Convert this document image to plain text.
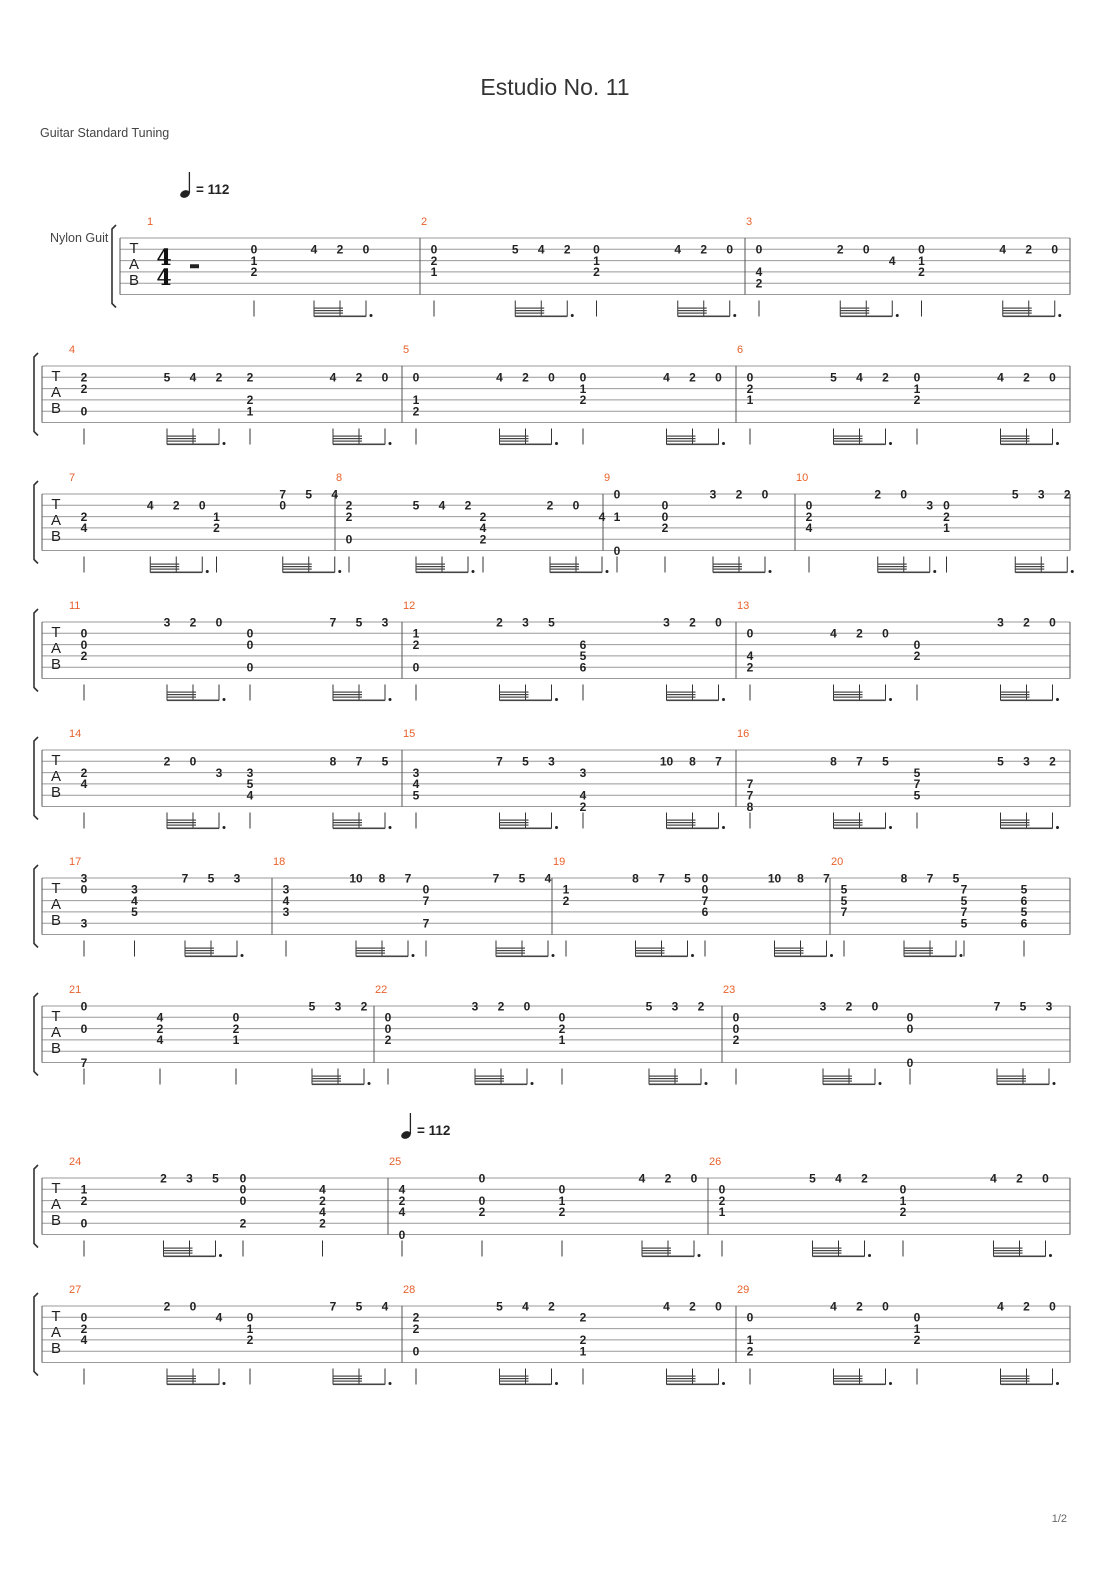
Estudio No. 11
Guitar Standard Tuning
Nylon Guit
1/2
= 112
= 112
T
A
B
1
4
4
0
1
2
4 2 0
2
0
2
1
5 4 2 0
1
2
4 2 0
3
0
4
2
2 0
4
0
1
2
4 2 0
T
A
B
4
2
2
0
5 4 2 2
2
1
4 2 0
5
0
1
2
4 2 0 0
1
2
4 2 0
6
0
2
1
5 4 2 0
1
2
4 2 0
T
A
B
7
2
4
4 2 0
1
2
7
0
5 4
8
2
2
0
5 4 2
2
4
2
2 0
4
9
0
1
0
0
0
2
3 2 0
10
0
2
4
2 0
3 0
2
1
5 3 2
T
A
B
11
0
0
2
3 2 0
0
0
0
7 5 3
12
1
2
0
2 3 5
6
5
6
3 2 0
13
0
4
2
4 2 0
0
2
3 2 0
T
A
B
14
2
4
2 0
3 3
5
4
8 7 5
15
3
4
5
7 5 3
3
4
2
10 8 7
16
7
7
8
8 7 5
5
7
5
5 3 2
T
A
B
17
3
0
3
3
4
5
7 5 3
18
3
4
3
10 8 7
0
7
7
7 5 4
19
1
2
8 7 5 0
0
7
6
10 8 7
20
5
5
7
8 7 5
7
5
7
5
5
6
5
6
T
A
B
21
0
0
7
4
2
4
0
2
1
5 3 2
22
0
0
2
3 2 0
0
2
1
5 3 2
23
0
0
2
3 2 0
0
0
0
7 5 3
T
A
B
24
1
2
0
2 3 5 0
0
0
2
4
2
4
2
25
4
2
4
0
0
0
2
0
1
2
4 2 0
26
0
2
1
5 4 2
0
1
2
4 2 0
T
A
B
27
0
2
4
2 0
4 0
1
2
7 5 4
28
2
2
0
5 4 2
2
2
1
4 2 0
29
0
1
2
4 2 0
0
1
2
4 2 0
